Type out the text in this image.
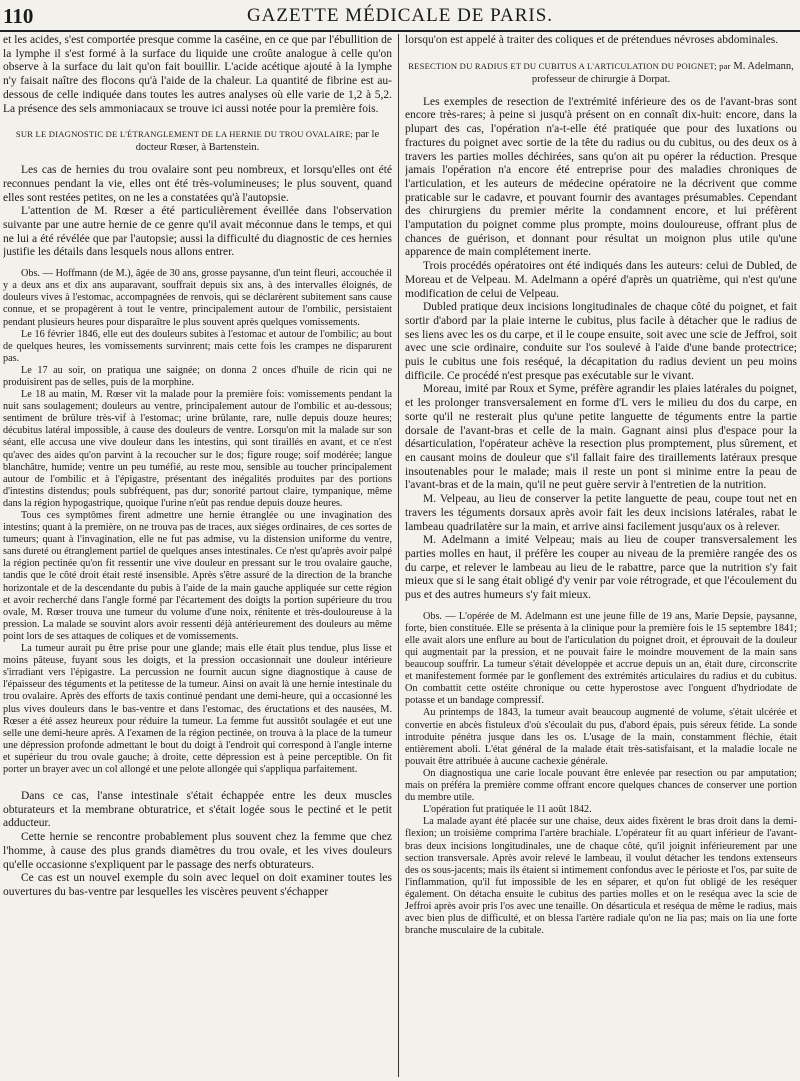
110	GAZETTE MÉDICALE DE PARIS.

et les acides, s'est comportée presque comme la caséine, en ce que par l'ébullition de la lymphe il s'est formé à la surface du liquide une croûte analogue à celle qu'on observe à la surface du lait qu'on fait bouillir. L'acide acétique ajouté à la lymphe n'y faisait naître des flocons qu'à l'aide de la chaleur. La quantité de fibrine est au-dessous de celle indiquée dans toutes les autres analyses où elle varie de 1,2 à 5,2. La présence des sels ammoniacaux se trouve ici aussi notée pour la première fois.

SUR LE DIAGNOSTIC DE L'ÉTRANGLEMENT DE LA HERNIE DU TROU OVALAIRE; par le docteur Rœser, à Bartenstein.

Les cas de hernies du trou ovalaire sont peu nombreux, et lorsqu'elles ont été reconnues pendant la vie, elles ont été très-volumineuses; le plus souvent, quand elles sont restées petites, on ne les a constatées qu'à l'autopsie.

L'attention de M. Rœser a été particulièrement éveillée dans l'observation suivante par une autre hernie de ce genre qu'il avait méconnue dans le temps, et qui ne lui a été révélée que par l'autopsie; aussi la difficulté du diagnostic de ces hernies justifie les détails dans lesquels nous allons entrer.

Obs. — Hoffmann (de M.), âgée de 30 ans, grosse paysanne, d'un teint fleuri, accouchée il y a deux ans et dix ans auparavant, souffrait depuis six ans, à des intervalles éloignés, de douleurs vives à l'estomac, accompagnées de renvois, qui se déclarèrent subitement sans cause connue, et se propagèrent à tout le ventre, principalement autour de l'ombilic, persistaient pendant plusieurs heures pour disparaître le plus souvent après quelques vomissements.

Le 16 février 1846, elle eut des douleurs subites à l'estomac et autour de l'ombilic; au bout de quelques heures, les vomissements survinrent; mais cette fois les crampes ne disparurent pas.

Le 17 au soir, on pratiqua une saignée; on donna 2 onces d'huile de ricin qui ne produisirent pas de selles, puis de la morphine.

Le 18 au matin, M. Rœser vit la malade pour la première fois: vomissements pendant la nuit sans soulagement; douleurs au ventre, principalement autour de l'ombilic et au-dessous; sentiment de brûlure très-vif à l'estomac; urine brûlante, rare, nulle depuis douze heures; décubitus latéral impossible, à cause des douleurs de ventre. Lorsqu'on mit la malade sur son séant, elle accusa une vive douleur dans les intestins, qui sont tiraillés en avant, et ce n'est qu'avec des aides qu'on parvint à la recoucher sur le dos; figure rouge; soif modérée; langue blanchâtre, humide; ventre un peu tuméfié, au reste mou, sensible au toucher principalement autour de l'ombilic et à l'épigastre, présentant des inégalités produites par des portions d'intestins distendus; pouls subfréquent, pas dur; sonorité partout claire, tympanique, même dans la région hypogastrique, quoique l'urine n'eût pas rendue depuis douze heures.

Tous ces symptômes firent admettre une hernie étranglée ou une invagination des intestins; quant à la première, on ne trouva pas de traces, aux siéges ordinaires, de ces sortes de tumeurs; quant à l'invagination, elle ne fut pas admise, vu la distension uniforme du ventre, sans dureté ou étranglement partiel de quelques anses intestinales. Ce n'est qu'après avoir palpé la région pectinée qu'on fit ressentir une vive douleur en pressant sur le trou ovalaire gauche, tandis que le côté droit était resté insensible. Après s'être assuré de la direction de la branche horizontale et de la descendante du pubis à l'aide de la main gauche appliquée sur cette région et avoir recherché dans l'angle formé par l'écartement des doigts la portion supérieure du trou ovale, M. Rœser trouva une tumeur du volume d'une noix, rénitente et très-douloureuse à la pression. La malade se souvint alors avoir ressenti déjà antérieurement des douleurs au même point lors de ses attaques de coliques et de vomissements.

La tumeur aurait pu être prise pour une glande; mais elle était plus tendue, plus lisse et moins pâteuse, fuyant sous les doigts, et la pression occasionnait une douleur intérieure s'irradiant vers l'épigastre. La percussion ne fournit aucun signe diagnostique à cause de l'épaisseur des téguments et la petitesse de la tumeur. Ainsi on avait là une hernie intestinale du trou ovalaire. Après des efforts de taxis continué pendant une demi-heure, qui a occasionné les plus vives douleurs dans le bas-ventre et dans l'estomac, des éructations et des nausées, M. Rœser a été assez heureux pour réduire la tumeur. La femme fut aussitôt soulagée et eut une selle une demi-heure après. A l'examen de la région pectinée, on trouva à la place de la tumeur une dépression profonde admettant le bout du doigt à l'endroit qui correspond à l'angle interne et supérieur du trou ovale gauche; à droite, cette dépression est à peine perceptible. On fit porter un brayer avec un col allongé et une pelote allongée qui s'appliqua parfaitement.

Dans ce cas, l'anse intestinale s'était échappée entre les deux muscles obturateurs et la membrane obturatrice, et s'était logée sous le pectiné et le petit adducteur.

Cette hernie se rencontre probablement plus souvent chez la femme que chez l'homme, à cause des plus grands diamètres du trou ovale, et les vives douleurs qu'elle occasionne s'expliquent par le passage des nerfs obturateurs.

Ce cas est un nouvel exemple du soin avec lequel on doit examiner toutes les ouvertures du bas-ventre par lesquelles les viscères peuvent s'échapper

lorsqu'on est appelé à traiter des coliques et de prétendues névroses abdominales.

RESECTION DU RADIUS ET DU CUBITUS A L'ARTICULATION DU POIGNET; par M. Adelmann, professeur de chirurgie à Dorpat.

Les exemples de resection de l'extrémité inférieure des os de l'avant-bras sont encore très-rares; à peine si jusqu'à présent on en connaît dix-huit: encore, dans la plupart des cas, l'opération n'a-t-elle été pratiquée que pour des luxations ou fractures du poignet avec sortie de la tête du radius ou du cubitus, ou des deux os à travers les parties molles déchirées, sans qu'on ait pu opérer la réduction. Presque jamais l'opération n'a encore été entreprise pour des maladies chroniques de l'articulation, et les auteurs de médecine opératoire ne la décrivent que comme praticable sur le cadavre, et pouvant fournir des avantages présumables. Cependant des chirurgiens du premier mérite la condamnent encore, et lui préfèrent l'amputation du poignet comme plus prompte, moins douloureuse, offrant plus de chances de guérison, et donnant pour résultat un moignon plus utile qu'une apparence de main complétement inerte.

Trois procédés opératoires ont été indiqués dans les auteurs: celui de Dubled, de Moreau et de Velpeau. M. Adelmann a opéré d'après un quatrième, qui n'est qu'une modification de celui de Velpeau.

Dubled pratique deux incisions longitudinales de chaque côté du poignet, et fait sortir d'abord par la plaie interne le cubitus, plus facile à détacher que le radius de ses liens avec les os du carpe, et il le coupe ensuite, soit avec une scie de Jeffroi, soit avec une scie ordinaire, conduite sur l'os soulevé à l'aide d'une bande protectrice; puis le cubitus une fois reséqué, la décapitation du radius devient un peu moins difficile. Ce procédé n'est presque pas exécutable sur le vivant.

Moreau, imité par Roux et Syme, préfère agrandir les plaies latérales du poignet, et les prolonger transversalement en forme d'L vers le milieu du dos du carpe, en sorte qu'il ne resterait plus qu'une petite languette de téguments entre la partie dorsale de l'avant-bras et celle de la main. Gagnant ainsi plus d'espace pour la désarticulation, l'opérateur achève la resection plus promptement, plus sûrement, et en causant moins de douleur que s'il fallait faire des tiraillements latéraux presque insoutenables pour le malade; mais il reste un pont si minime entre la peau de l'avant-bras et de la main, qu'il ne peut guère servir à l'entretien de la nutrition.

M. Velpeau, au lieu de conserver la petite languette de peau, coupe tout net en travers les téguments dorsaux après avoir fait les deux incisions latérales, rabat le lambeau quadrilatère sur la main, et arrive ainsi facilement jusqu'aux os à relever.

M. Adelmann a imité Velpeau; mais au lieu de couper transversalement les parties molles en haut, il préfère les couper au niveau de la première rangée des os du carpe, et relever le lambeau au lieu de le rabattre, parce que la nutrition s'y fait mieux que si le sang était obligé d'y venir par voie rétrograde, et que l'écoulement du pus et des autres humeurs s'y fait mieux.

Obs. — L'opérée de M. Adelmann est une jeune fille de 19 ans, Marie Depsie, paysanne, forte, bien constituée. Elle se présenta à la clinique pour la première fois le 15 septembre 1841; elle avait alors une enflure au bout de l'articulation du poignet droit, et éprouvait de la douleur qui augmentait par la pression, et ne pouvait faire le moindre mouvement de la main sans beaucoup souffrir. La tumeur s'était développée et accrue depuis un an, était dure, circonscrite et manifestement formée par le gonflement des extrémités articulaires du radius et du cubitus. On combattit cette ostéite chronique ou cette hyperostose avec l'onguent d'hydriodate de potasse et un bandage compressif.

Au printemps de 1843, la tumeur avait beaucoup augmenté de volume, s'était ulcérée et convertie en abcès fistuleux d'où s'écoulait du pus, d'abord épais, puis séreux fétide. La sonde introduite pénétra jusque dans les os. L'usage de la main, constamment fléchie, était entièrement aboli. L'état général de la malade était très-satisfaisant, et la maladie locale ne pouvait être attribuée à aucune cachexie générale.

On diagnostiqua une carie locale pouvant être enlevée par resection ou par amputation; mais on préféra la première comme offrant encore quelques chances de conserver une portion du membre utile.

L'opération fut pratiquée le 11 août 1842.

La malade ayant été placée sur une chaise, deux aides fixèrent le bras droit dans la demi-flexion; un troisième comprima l'artère brachiale. L'opérateur fit au quart inférieur de l'avant-bras deux incisions longitudinales, une de chaque côté, qu'il joignit inférieurement par une section transversale. Après avoir relevé le lambeau, il voulut détacher les tendons extenseurs des os sous-jacents; mais ils étaient si intimement confondus avec le périoste et l'os, par suite de l'inflammation, qu'il fut impossible de les en séparer, et qu'on fut obligé de les reséquer également. On détacha ensuite le cubitus des parties molles et on le reséqua avec la scie de Jeffroi après avoir pris l'os avec une tenaille. On désarticula et reséqua de même le radius, mais avec bien plus de difficulté, et on blessa l'artère radiale qu'on ne lia pas; mais on lia une forte branche musculaire de la cubitale.
